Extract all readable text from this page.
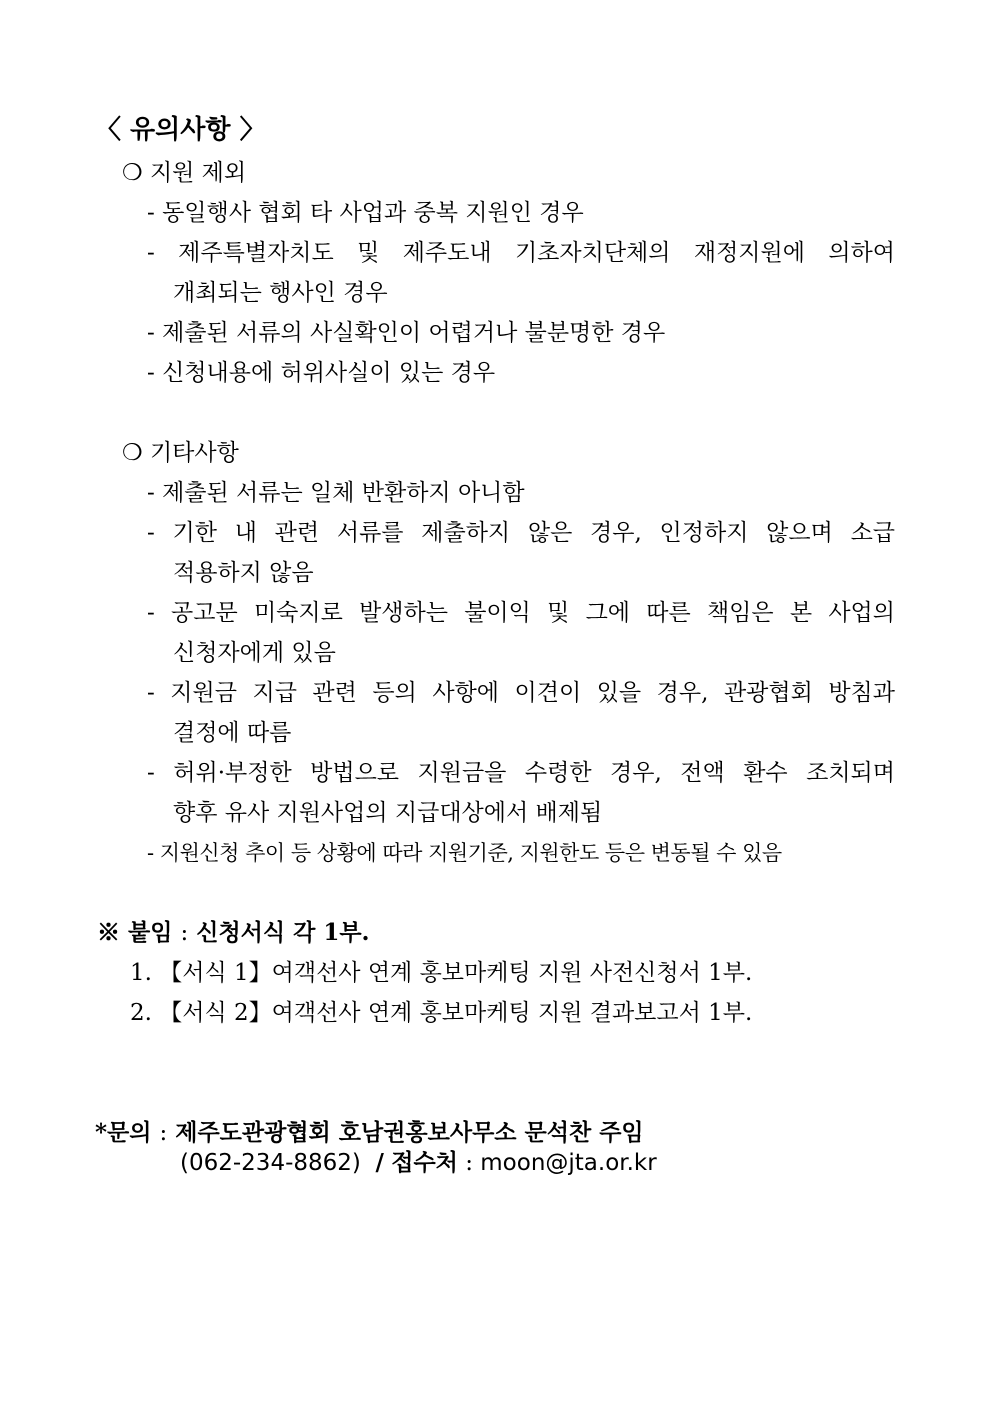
〈 유의사항 〉
❍ 지원 제외
- 동일행사 협회 타 사업과 중복 지원인 경우
- 제주특별자치도 및 제주도내 기초자치단체의 재정지원에 의하여
개최되는 행사인 경우
- 제출된 서류의 사실확인이 어렵거나 불분명한 경우
- 신청내용에 허위사실이 있는 경우
❍ 기타사항
- 제출된 서류는 일체 반환하지 아니함
- 기한 내 관련 서류를 제출하지 않은 경우, 인정하지 않으며 소급
적용하지 않음
- 공고문 미숙지로 발생하는 불이익 및 그에 따른 책임은 본 사업의
신청자에게 있음
- 지원금 지급 관련 등의 사항에 이견이 있을 경우, 관광협회 방침과
결정에 따름
- 허위·부정한 방법으로 지원금을 수령한 경우, 전액 환수 조치되며
향후 유사 지원사업의 지급대상에서 배제됨
- 지원신청 추이 등 상황에 따라 지원기준, 지원한도 등은 변동될 수 있음
※ 붙임 : 신청서식 각 1부.
1. 【서식 1】여객선사 연계 홍보마케팅 지원 사전신청서 1부.
2. 【서식 2】여객선사 연계 홍보마케팅 지원 결과보고서 1부.
*문의 : 제주도관광협회 호남권홍보사무소 문석찬 주임
(062-234-8862) / 접수처 : moon@jta.or.kr
